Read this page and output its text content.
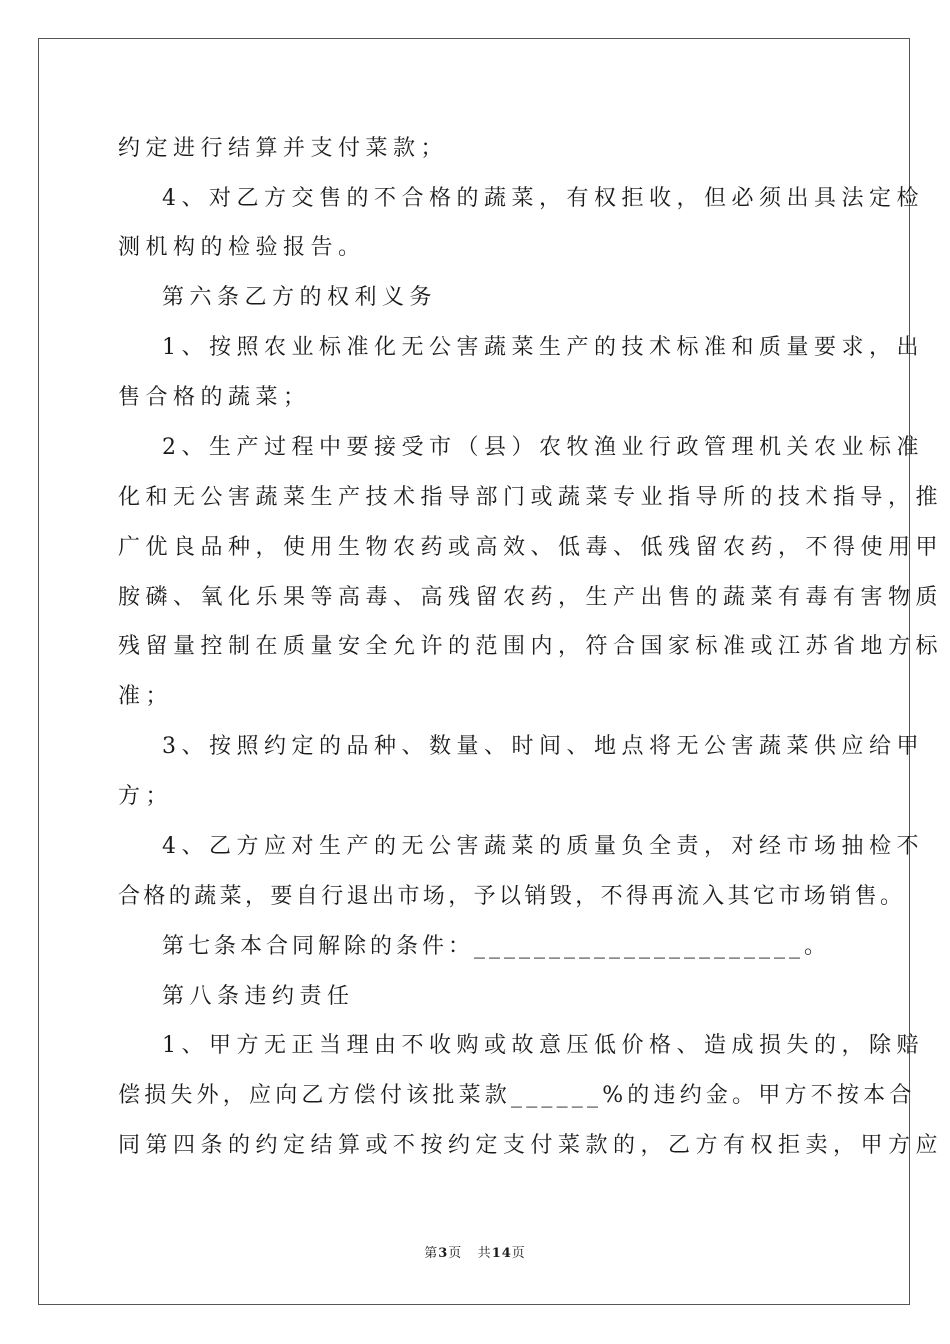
约定进行结算并支付菜款；
4、对乙方交售的不合格的蔬菜，有权拒收，但必须出具法定检
测机构的检验报告。
第六条乙方的权利义务
1、按照农业标准化无公害蔬菜生产的技术标准和质量要求，出
售合格的蔬菜；
2、生产过程中要接受市（县）农牧渔业行政管理机关农业标准
化和无公害蔬菜生产技术指导部门或蔬菜专业指导所的技术指导，推
广优良品种，使用生物农药或高效、低毒、低残留农药，不得使用甲
胺磷、氧化乐果等高毒、高残留农药，生产出售的蔬菜有毒有害物质
残留量控制在质量安全允许的范围内，符合国家标准或江苏省地方标
准；
3、按照约定的品种、数量、时间、地点将无公害蔬菜供应给甲
方；
4、乙方应对生产的无公害蔬菜的质量负全责，对经市场抽检不
合格的蔬菜，要自行退出市场，予以销毁，不得再流入其它市场销售。
第七条本合同解除的条件：______________________。
第八条违约责任
1、甲方无正当理由不收购或故意压低价格、造成损失的，除赔
偿损失外，应向乙方偿付该批菜款______%的违约金。甲方不按本合
同第四条的约定结算或不按约定支付菜款的，乙方有权拒卖，甲方应
第3页 共14页
